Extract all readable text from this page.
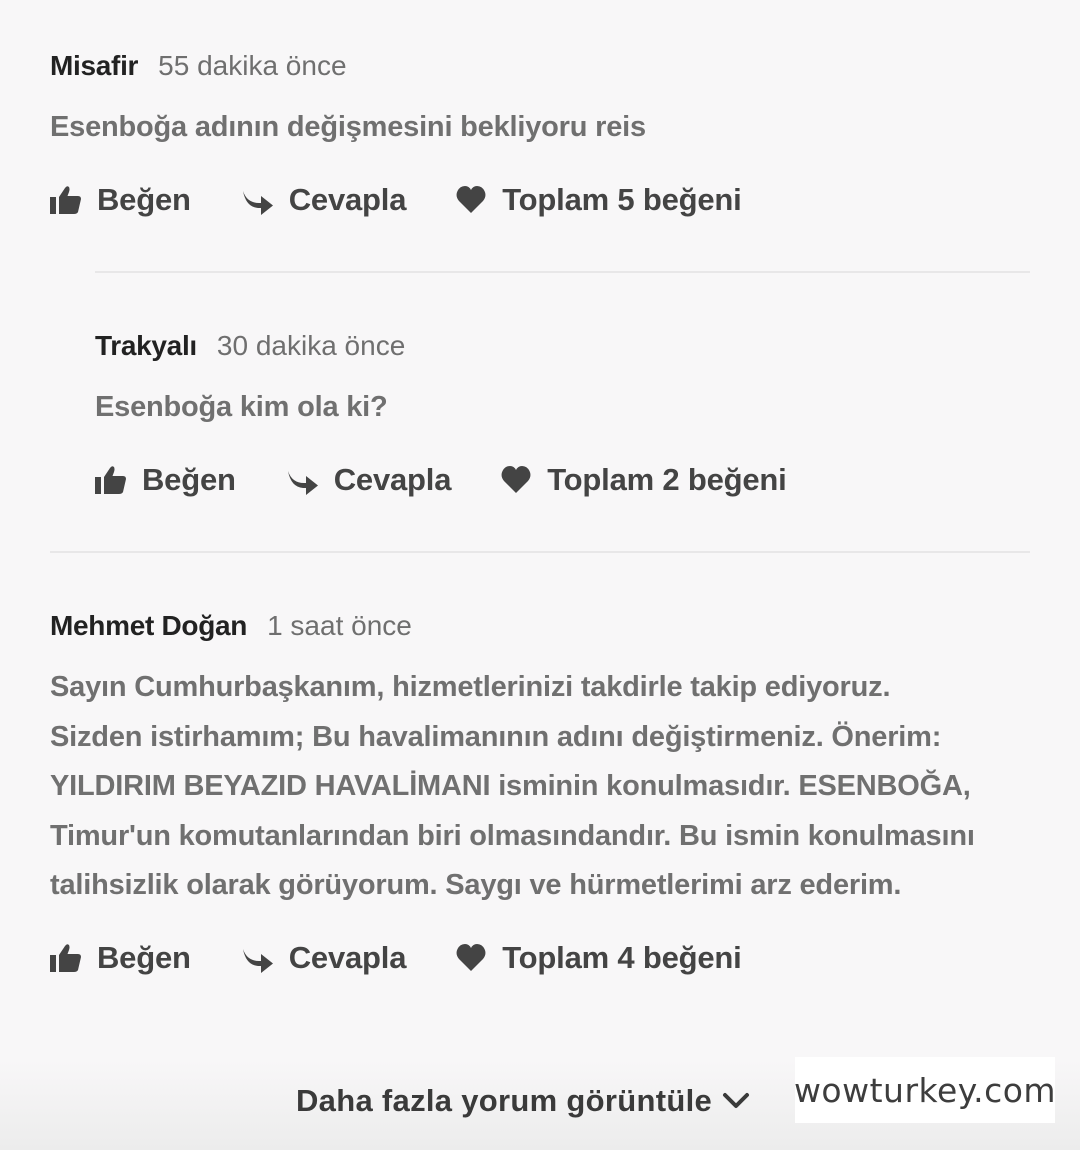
Misafir 55 dakika önce
Esenboğa adının değişmesini bekliyoru reis
Beğen	Cevapla	Toplam 5 beğeni
Trakyalı 30 dakika önce
Esenboğa kim ola ki?
Beğen	Cevapla	Toplam 2 beğeni
Mehmet Doğan 1 saat önce
Sayın Cumhurbaşkanım, hizmetlerinizi takdirle takip ediyoruz.
Sizden istirhamım; Bu havalimanının adını değiştirmeniz. Önerim:
YILDIRIM BEYAZID HAVALİMANI isminin konulmasıdır. ESENBOĞA,
Timur'un komutanlarından biri olmasındandır. Bu ismin konulmasını
talihsizlik olarak görüyorum. Saygı ve hürmetlerimi arz ederim.
Beğen	Cevapla	Toplam 4 beğeni
Daha fazla yorum görüntüle wowturkey.com
